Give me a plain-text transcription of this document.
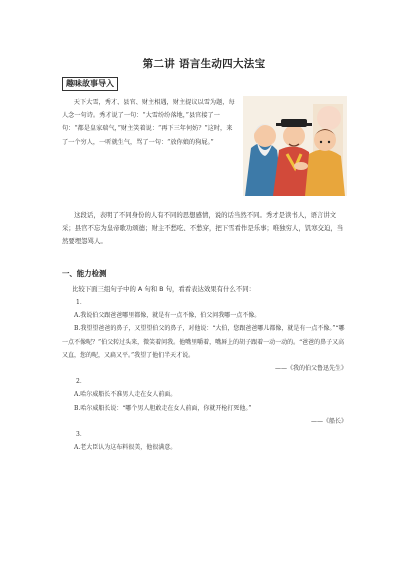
第二讲 语言生动四大法宝
趣味故事导入

天下大雪，秀才、县官、财主相遇，财主提议以雪为题，每人念一句诗。秀才说了一句：“大雪纷纷落地，”县官接了一句：“都是皇家瑞气，”财主笑着说：“再下三年何妨？”这时，来了一个穷人，一听就生气，骂了一句：“放你娘的狗屁。”

这段话，表明了不同身份的人有不同的思想感情，说的话当然不同。秀才是读书人，语言讲文采；县官不忘为皇帝歌功颂德；财主不愁吃、不愁穿，把下雪看作是乐事；唯独穷人，饥寒交迫，当然要埋怨骂人。

一、能力检测
比较下面三组句子中的 A 句和 B 句，看看表达效果有什么不同：

1．

A.我说伯父跟爸爸哪里都像，就是有一点不像，伯父问我哪一点不像。

B.我望望爸爸的鼻子，又望望伯父的鼻子，对他说：“大伯，您跟爸爸哪儿都像，就是有一点不像。”“哪一点不像呢？”伯父转过头来，微笑着问我。他嘴里嚼着，嘴唇上的胡子跟着一动一动的。“爸爸的鼻子又高又直，您的呢，又扁又平。”我望了他们半天才说。

——《我的伯父鲁迅先生》

2．

A.哈尔威船长不准男人走在女人前面。

B.哈尔威船长说：“哪个男人胆敢走在女人前面，你就开枪打死他。”

——《船长》

3．

A.老大臣认为这布料很美，他很满意。
